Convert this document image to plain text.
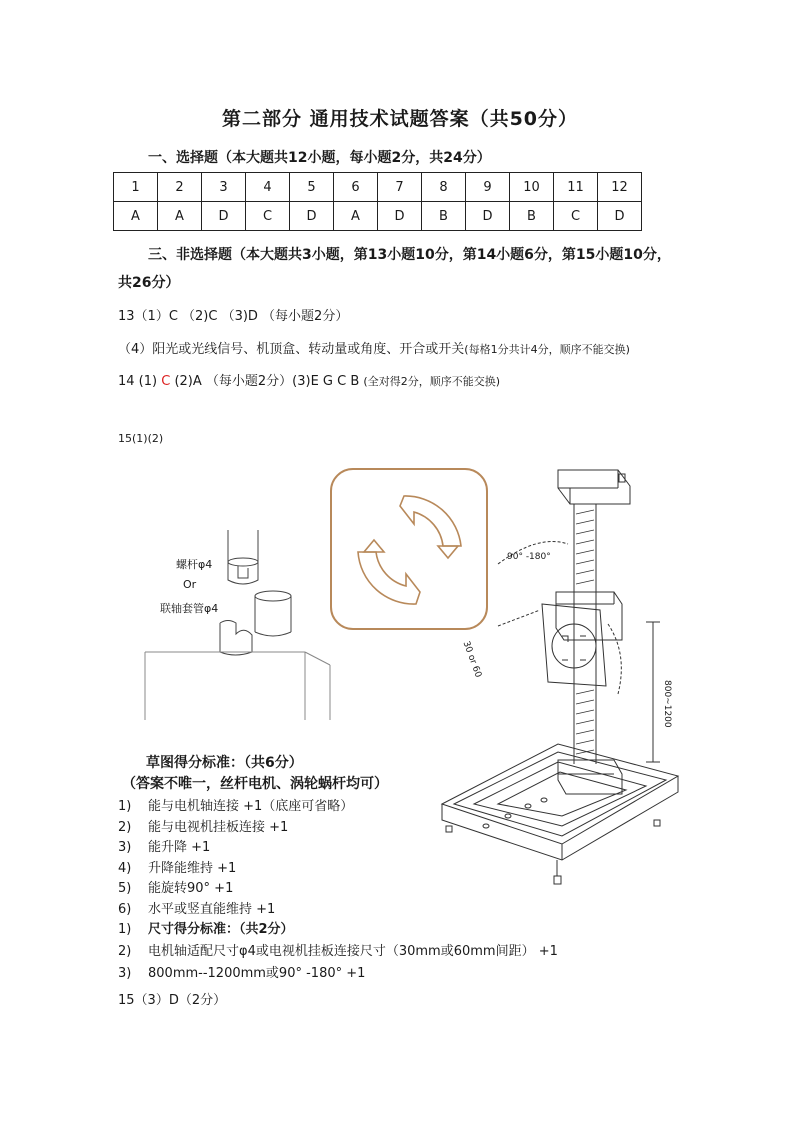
第二部分 通用技术试题答案（共50分）
一、选择题（本大题共12小题，每小题2分，共24分）
1	2	3	4	5	6	7	8	9	10	11	12
A	A	D	C	D	A	D	B	D	B	C	D
三、非选择题（本大题共3小题，第13小题10分，第14小题6分，第15小题10分，
共26分）
13（1）C （2)C （3)D （每小题2分）
（4）阳光或光线信号、机顶盒、转动量或角度、开合或开关(每格1分共计4分，顺序不能交换)
14 (1) C (2)A （每小题2分）(3)E G C B (全对得2分，顺序不能交换)
15(1)(2)
螺杆φ4
Or
联轴套管φ4
90° -180°
30 or 60
800~1200
草图得分标准：（共6分）
（答案不唯一，丝杆电机、涡轮蜗杆均可）
1) 能与电机轴连接 +1（底座可省略）
2) 能与电视机挂板连接 +1
3) 能升降 +1
4) 升降能维持 +1
5) 能旋转90° +1
6) 水平或竖直能维持 +1
1) 尺寸得分标准：（共2分）
2) 电机轴适配尺寸φ4或电视机挂板连接尺寸（30mm或60mm间距） +1
3) 800mm--1200mm或90° -180° +1
15（3）D（2分）
